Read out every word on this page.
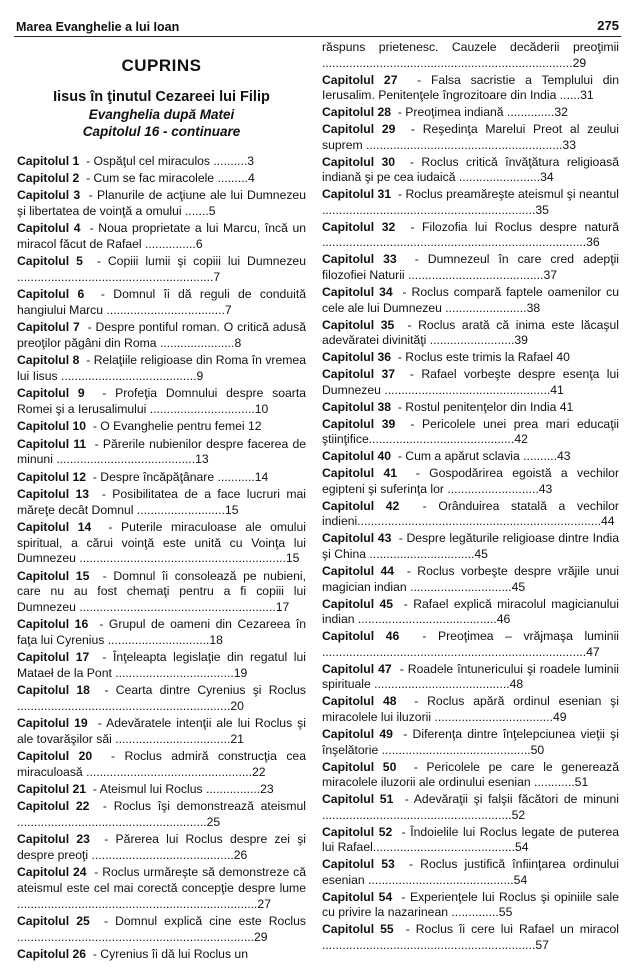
Marea Evanghelie a lui Ioan	275
CUPRINS
Iisus în ţinutul Cezareei lui Filip
Evanghelia după Matei
Capitolul 16 - continuare
Capitolul 1 - Ospăţul cel miraculos ..........3
Capitolul 2 - Cum se fac miracolele .........4
Capitolul 3 - Planurile de acţiune ale lui Dumnezeu şi libertatea de voinţă a omului .......5
Capitolul 4 - Noua proprietate a lui Marcu, încă un miracol făcut de Rafael ...............6
Capitolul 5 - Copiii lumii şi copiii lui Dumnezeu ..........................................................7
Capitolul 6 - Domnul îi dă reguli de conduită hangiului Marcu ...................................7
Capitolul 7 - Despre pontiful roman. O critică adusă preoţilor păgâni din Roma ......................8
Capitolul 8 - Relaţiile religioase din Roma în vremea lui Iisus ........................................9
Capitolul 9 - Profeţia Domnului despre soarta Romei şi a Ierusalimului ...............................10
Capitolul 10 - O Evanghelie pentru femei 12
Capitolul 11 - Părerile nubienilor despre facerea de minuni .........................................13
Capitolul 12 - Despre încăpăţânare ...........14
Capitolul 13 - Posibilitatea de a face lucruri mai măreţe decât Domnul ..........................15
Capitolul 14 - Puterile miraculoase ale omului spiritual, a cărui voinţă este unită cu Voinţa lui Dumnezeu .............................................................15
Capitolul 15 - Domnul îi consolează pe nubieni, care nu au fost chemaţi pentru a fi copiii lui Dumnezeu ..........................................................17
Capitolul 16 - Grupul de oameni din Cezareea în faţa lui Cyrenius ..............................18
Capitolul 17 - Înţeleapta legislaţie din regatul lui Mataeł de la Pont ...................................19
Capitolul 18 - Cearta dintre Cyrenius şi Roclus ...............................................................20
Capitolul 19 - Adevăratele intenţii ale lui Roclus şi ale tovarăşilor săi ..................................21
Capitolul 20 - Roclus admiră construcţia cea miraculoasă .................................................22
Capitolul 21 - Ateismul lui Roclus ................23
Capitolul 22 - Roclus îşi demonstrează ateismul ........................................................25
Capitolul 23 - Părerea lui Roclus despre zei şi despre preoţi ..........................................26
Capitolul 24 - Roclus urmăreşte să demonstreze că ateismul este cel mai corectă concepţie despre lume .......................................................................27
Capitolul 25 - Domnul explică cine este Roclus ......................................................................29
Capitolul 26 - Cyrenius îi dă lui Roclus un
răspuns prietenesc. Cauzele decăderii preoţimii ..........................................................................29
Capitolul 27 - Falsa sacristie a Templului din Ierusalim. Penitenţele îngrozitoare din India ......31
Capitolul 28 - Preoţimea indiană ..............32
Capitolul 29 - Reşedinţa Marelui Preot al zeului suprem ..........................................................33
Capitolul 30 - Roclus critică învăţătura religioasă indiană şi pe cea iudaică ........................34
Capitolul 31 - Roclus preamăreşte ateismul şi neantul ...............................................................35
Capitolul 32 - Filozofia lui Roclus despre natură ..............................................................................36
Capitolul 33 - Dumnezeul în care cred adepţii filozofiei Naturii ........................................37
Capitolul 34 - Roclus compară faptele oamenilor cu cele ale lui Dumnezeu ........................38
Capitolul 35 - Roclus arată că inima este lăcaşul adevăratei divinităţi .........................39
Capitolul 36 - Roclus este trimis la Rafael 40
Capitolul 37 - Rafael vorbeşte despre esenţa lui Dumnezeu .................................................41
Capitolul 38 - Rostul penitenţelor din India 41
Capitolul 39 - Pericolele unei prea mari educaţii ştiinţifice...........................................42
Capitolul 40 - Cum a apărut sclavia ..........43
Capitolul 41 - Gospodărirea egoistă a vechilor egipteni şi suferinţa lor ...........................43
Capitolul 42 - Orânduirea statală a vechilor indieni........................................................................44
Capitolul 43 - Despre legăturile religioase dintre India şi China ...............................45
Capitolul 44 - Roclus vorbeşte despre vrăjile unui magician indian ..............................45
Capitolul 45 - Rafael explică miracolul magicianului indian .........................................46
Capitolul 46 - Preoţimea – vrăjmaşa luminii ..............................................................................47
Capitolul 47 - Roadele întunericului şi roadele luminii spirituale ........................................48
Capitolul 48 - Roclus apără ordinul esenian şi miracolele lui iluzorii ...................................49
Capitolul 49 - Diferenţa dintre înţelepciunea vieţii şi înşelătorie ............................................50
Capitolul 50 - Pericolele pe care le generează miracolele iluzorii ale ordinului esenian ............51
Capitolul 51 - Adevăraţii şi falşii făcători de minuni ........................................................52
Capitolul 52 - Îndoielile lui Roclus legate de puterea lui Rafael..........................................54
Capitolul 53 - Roclus justifică înfiinţarea ordinului esenian ...........................................54
Capitolul 54 - Experienţele lui Roclus şi opiniile sale cu privire la nazarinean ..............55
Capitolul 55 - Roclus îi cere lui Rafael un miracol ...............................................................57
